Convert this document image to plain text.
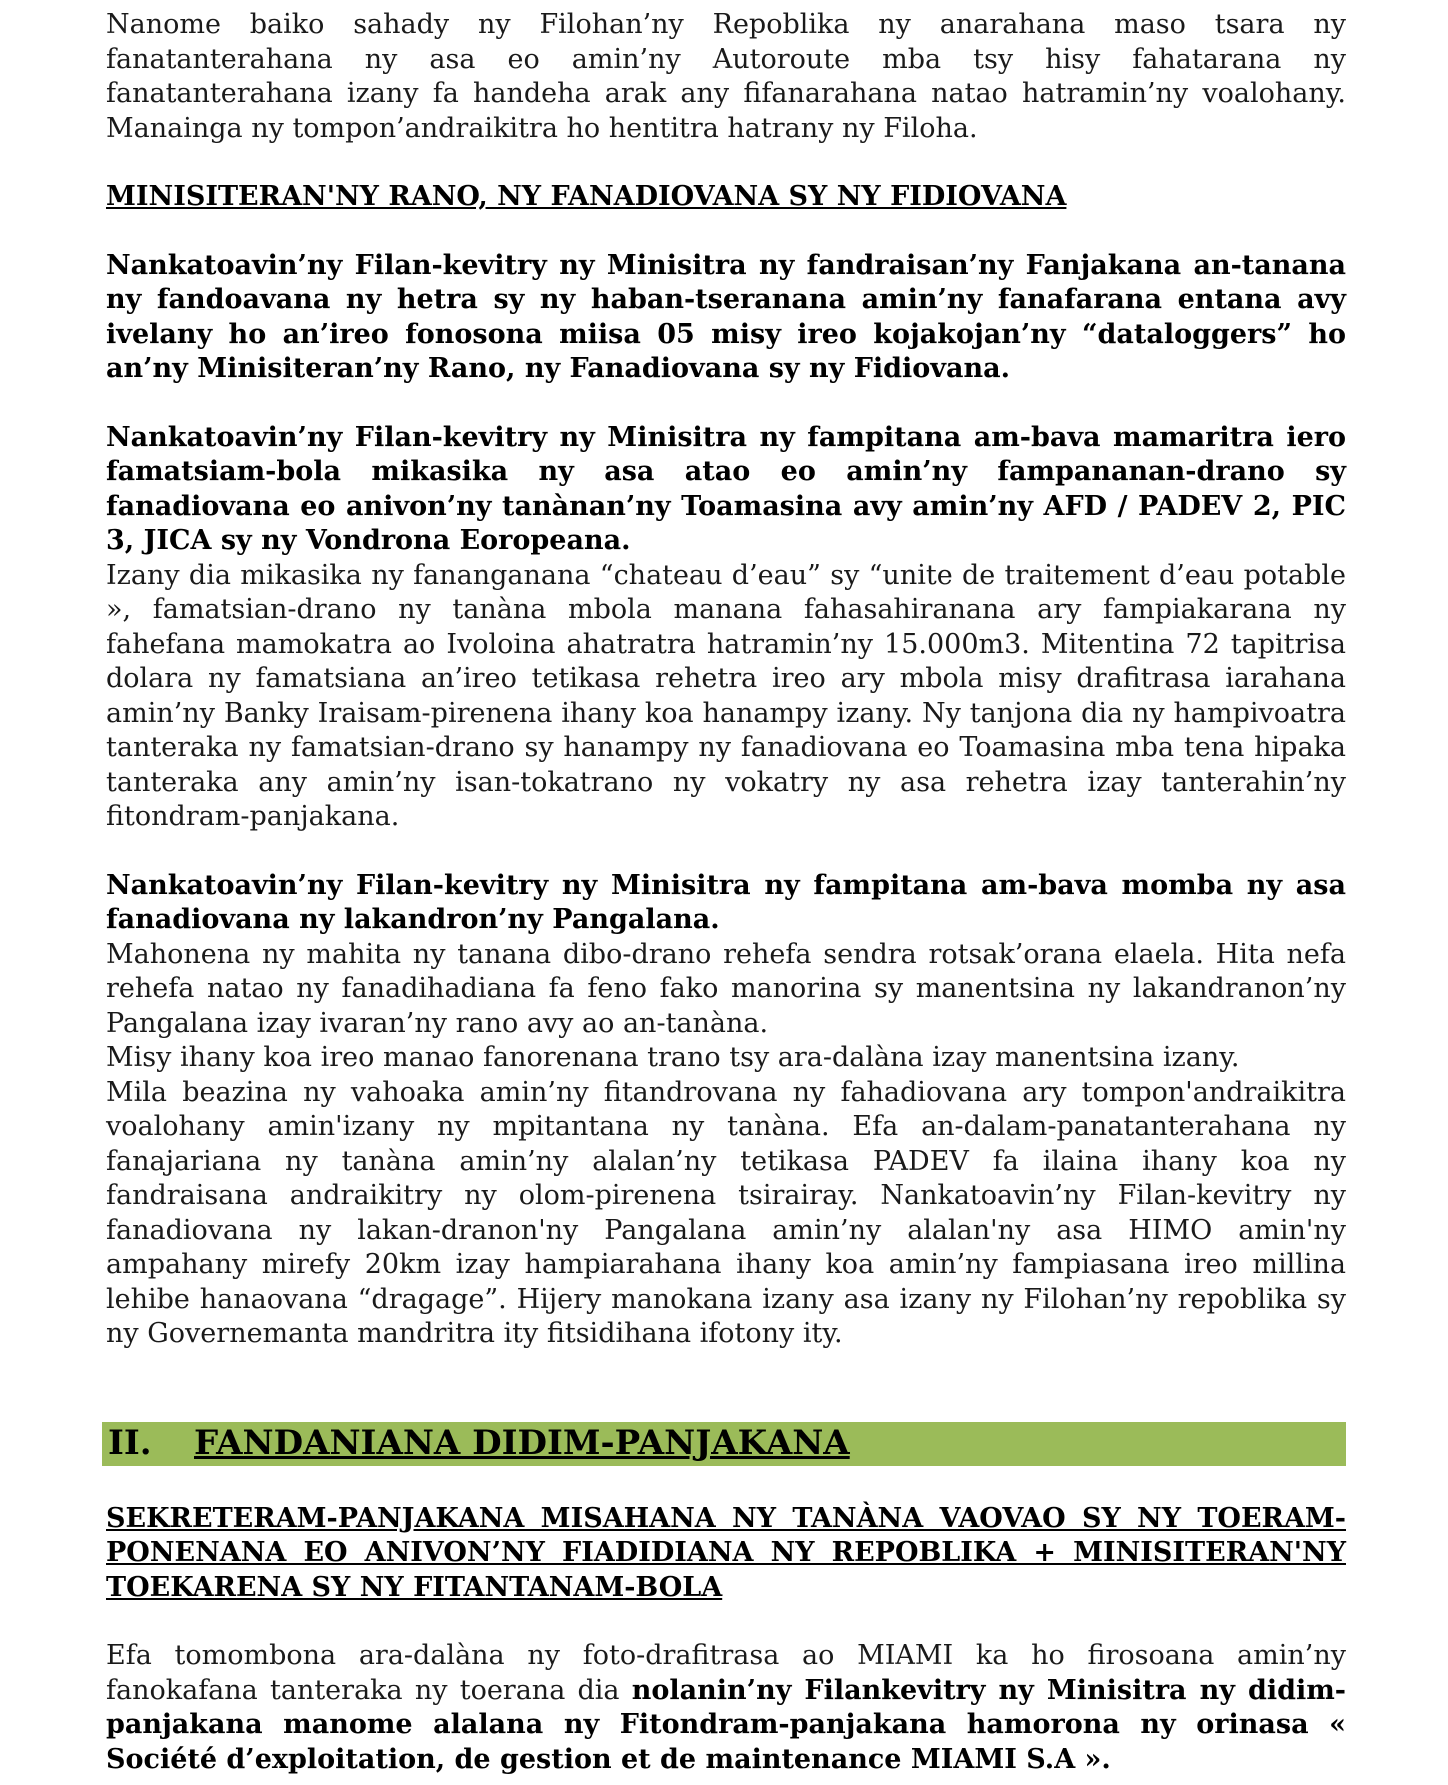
Nanome baiko sahady ny Filohan’ny Repoblika ny anarahana maso tsara ny fanatanterahana ny asa eo amin’ny Autoroute mba tsy hisy fahatarana ny fanatanterahana izany fa handeha arak any fifanarahana natao hatramin’ny voalohany. Manainga ny tompon’andraikitra ho hentitra hatrany ny Filoha.

MINISITERAN'NY RANO, NY FANADIOVANA SY NY FIDIOVANA

Nankatoavin’ny Filan-kevitry ny Minisitra ny fandraisan’ny Fanjakana an-tanana ny fandoavana ny hetra sy ny haban-tseranana amin’ny fanafarana entana avy ivelany ho an’ireo fonosona miisa 05 misy ireo kojakojan’ny “dataloggers” ho an’ny Minisiteran’ny Rano, ny Fanadiovana sy ny Fidiovana.

Nankatoavin’ny Filan-kevitry ny Minisitra ny fampitana am-bava mamaritra iero famatsiam-bola mikasika ny asa atao eo amin’ny fampananan-drano sy fanadiovana eo anivon’ny tanànan’ny Toamasina avy amin’ny AFD / PADEV 2, PIC 3, JICA sy ny Vondrona Eoropeana.

Izany dia mikasika ny fananganana “chateau d’eau” sy “unite de traitement d’eau potable », famatsian-drano ny tanàna mbola manana fahasahiranana ary fampiakarana ny fahefana mamokatra ao Ivoloina ahatratra hatramin’ny 15.000m3. Mitentina 72 tapitrisa dolara ny famatsiana an’ireo tetikasa rehetra ireo ary mbola misy drafitrasa iarahana amin’ny Banky Iraisam-pirenena ihany koa hanampy izany. Ny tanjona dia ny hampivoatra tanteraka ny famatsian-drano sy hanampy ny fanadiovana eo Toamasina mba tena hipaka tanteraka any amin’ny isan-tokatrano ny vokatry ny asa rehetra izay tanterahin’ny fitondram-panjakana.

Nankatoavin’ny Filan-kevitry ny Minisitra ny fampitana am-bava momba ny asa fanadiovana ny lakandron’ny Pangalana.

Mahonena ny mahita ny tanana dibo-drano rehefa sendra rotsak’orana elaela. Hita nefa rehefa natao ny fanadihadiana fa feno fako manorina sy manentsina ny lakandranon’ny Pangalana izay ivaran’ny rano avy ao an-tanàna.

Misy ihany koa ireo manao fanorenana trano tsy ara-dalàna izay manentsina izany.

Mila beazina ny vahoaka amin’ny fitandrovana ny fahadiovana ary tompon'andraikitra voalohany amin'izany ny mpitantana ny tanàna. Efa an-dalam-panatanterahana ny fanajariana ny tanàna amin’ny alalan’ny tetikasa PADEV fa ilaina ihany koa ny fandraisana andraikitry ny olom-pirenena tsirairay. Nankatoavin’ny Filan-kevitry ny fanadiovana ny lakan-dranon'ny Pangalana amin’ny alalan'ny asa HIMO amin'ny ampahany mirefy 20km izay hampiarahana ihany koa amin’ny fampiasana ireo millina lehibe hanaovana “dragage”. Hijery manokana izany asa izany ny Filohan’ny repoblika sy ny Governemanta mandritra ity fitsidihana ifotony ity.

II.	FANDANIANA DIDIM-PANJAKANA

SEKRETERAM-PANJAKANA MISAHANA NY TANÀNA VAOVAO SY NY TOERAM-PONENANA EO ANIVON’NY FIADIDIANA NY REPOBLIKA + MINISITERAN'NY TOEKARENA SY NY FITANTANAM-BOLA

Efa tomombona ara-dalàna ny foto-drafitrasa ao MIAMI ka ho firosoana amin’ny fanokafana tanteraka ny toerana dia nolanin’ny Filankevitry ny Minisitra ny didim-panjakana manome alalana ny Fitondram-panjakana hamorona ny orinasa « Société d’exploitation, de gestion et de maintenance MIAMI S.A ».
